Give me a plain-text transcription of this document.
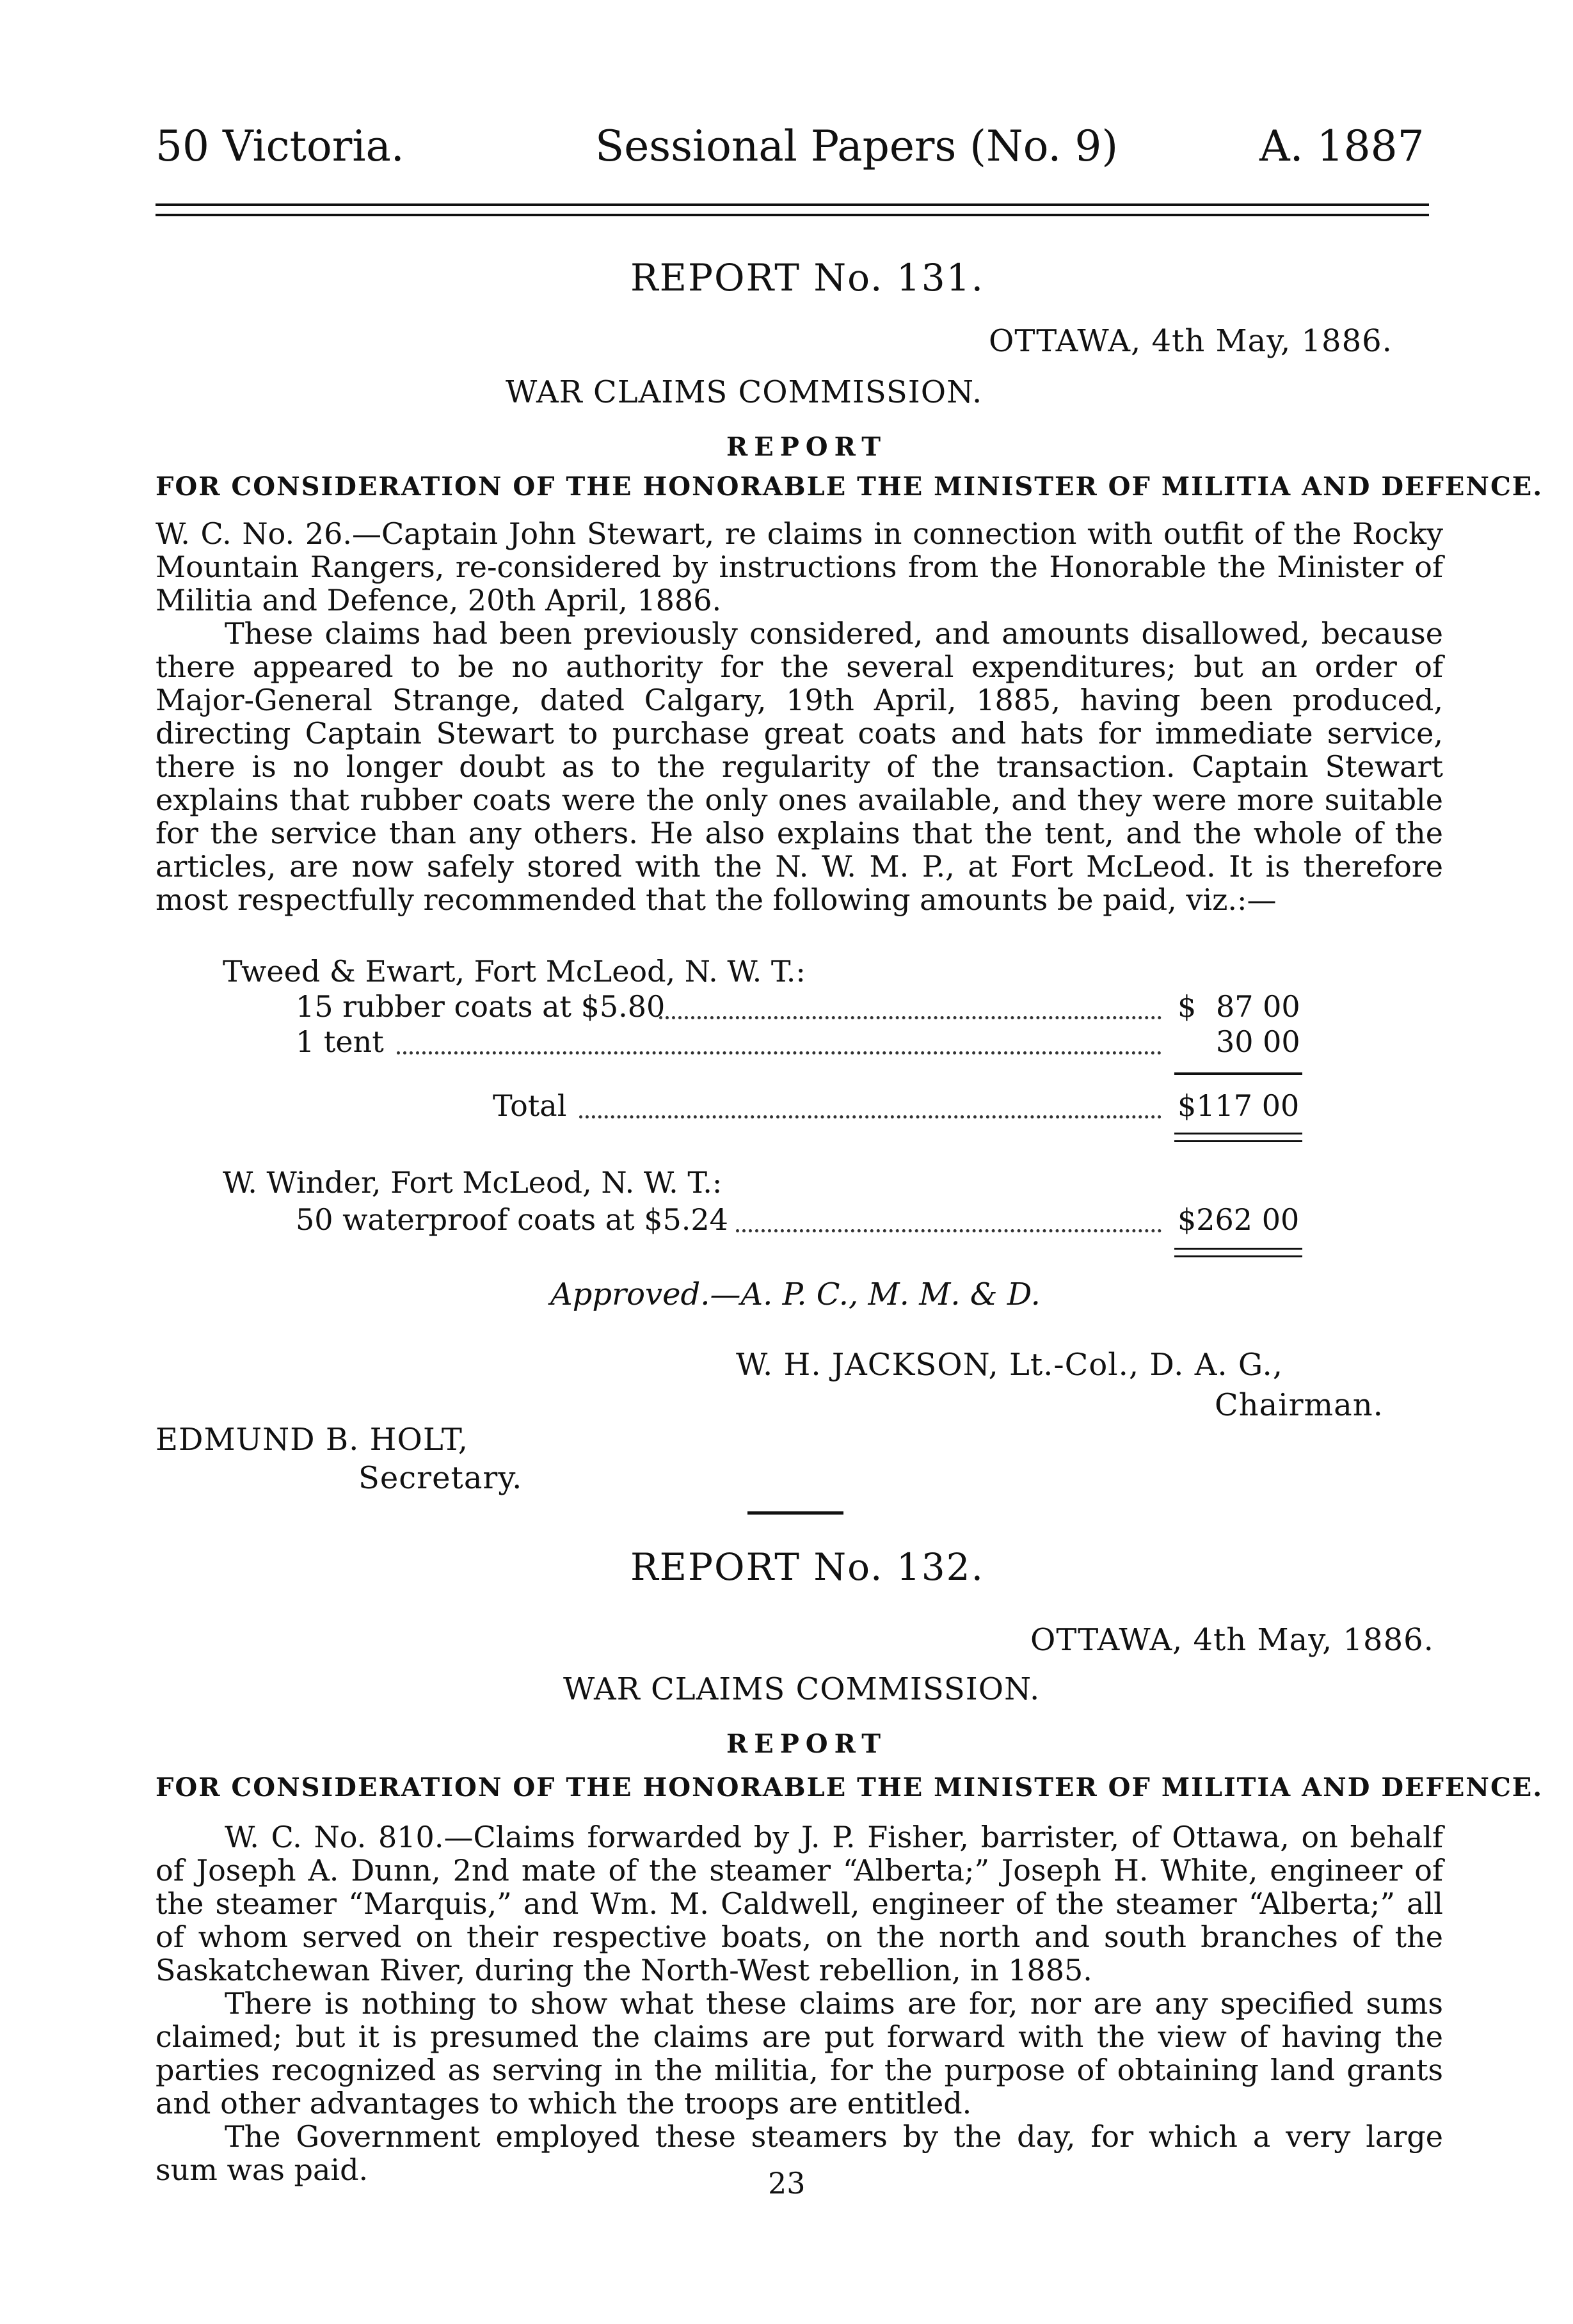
50 Victoria.	Sessional Papers (No. 9)	A. 1887
REPORT No. 131.
OTTAWA, 4th May, 1886.
WAR CLAIMS COMMISSION.
REPORT
FOR CONSIDERATION OF THE HONORABLE THE MINISTER OF MILITIA AND DEFENCE.

W. C. No. 26.—Captain John Stewart, re claims in connection with outfit of the Rocky Mountain Rangers, re-considered by instructions from the Honorable the Minister of Militia and Defence, 20th April, 1886.

These claims had been previously considered, and amounts disallowed, because there appeared to be no authority for the several expenditures; but an order of Major-General Strange, dated Calgary, 19th April, 1885, having been produced, directing Captain Stewart to purchase great coats and hats for immediate service, there is no longer doubt as to the regularity of the transaction. Captain Stewart explains that rubber coats were the only ones available, and they were more suitable for the service than any others. He also explains that the tent, and the whole of the articles, are now safely stored with the N. W. M. P., at Fort McLeod. It is therefore most respectfully recommended that the following amounts be paid, viz.:—

Tweed & Ewart, Fort McLeod, N. W. T.:
15 rubber coats at $5.80	$ 87 00
1 tent	30 00
Total	$117 00
W. Winder, Fort McLeod, N. W. T.:
50 waterproof coats at $5.24	$262 00
Approved.—A. P. C., M. M. & D.
W. H. JACKSON, Lt.-Col., D. A. G.,
Chairman.
EDMUND B. HOLT,
Secretary.
REPORT No. 132.
OTTAWA, 4th May, 1886.
WAR CLAIMS COMMISSION.
REPORT
FOR CONSIDERATION OF THE HONORABLE THE MINISTER OF MILITIA AND DEFENCE.

W. C. No. 810.—Claims forwarded by J. P. Fisher, barrister, of Ottawa, on behalf of Joseph A. Dunn, 2nd mate of the steamer “Alberta;” Joseph H. White, engineer of the steamer “Marquis,” and Wm. M. Caldwell, engineer of the steamer “Alberta;” all of whom served on their respective boats, on the north and south branches of the Saskatchewan River, during the North-West rebellion, in 1885.

There is nothing to show what these claims are for, nor are any specified sums claimed; but it is presumed the claims are put forward with the view of having the parties recognized as serving in the militia, for the purpose of obtaining land grants and other advantages to which the troops are entitled.

The Government employed these steamers by the day, for which a very large sum was paid.	23
